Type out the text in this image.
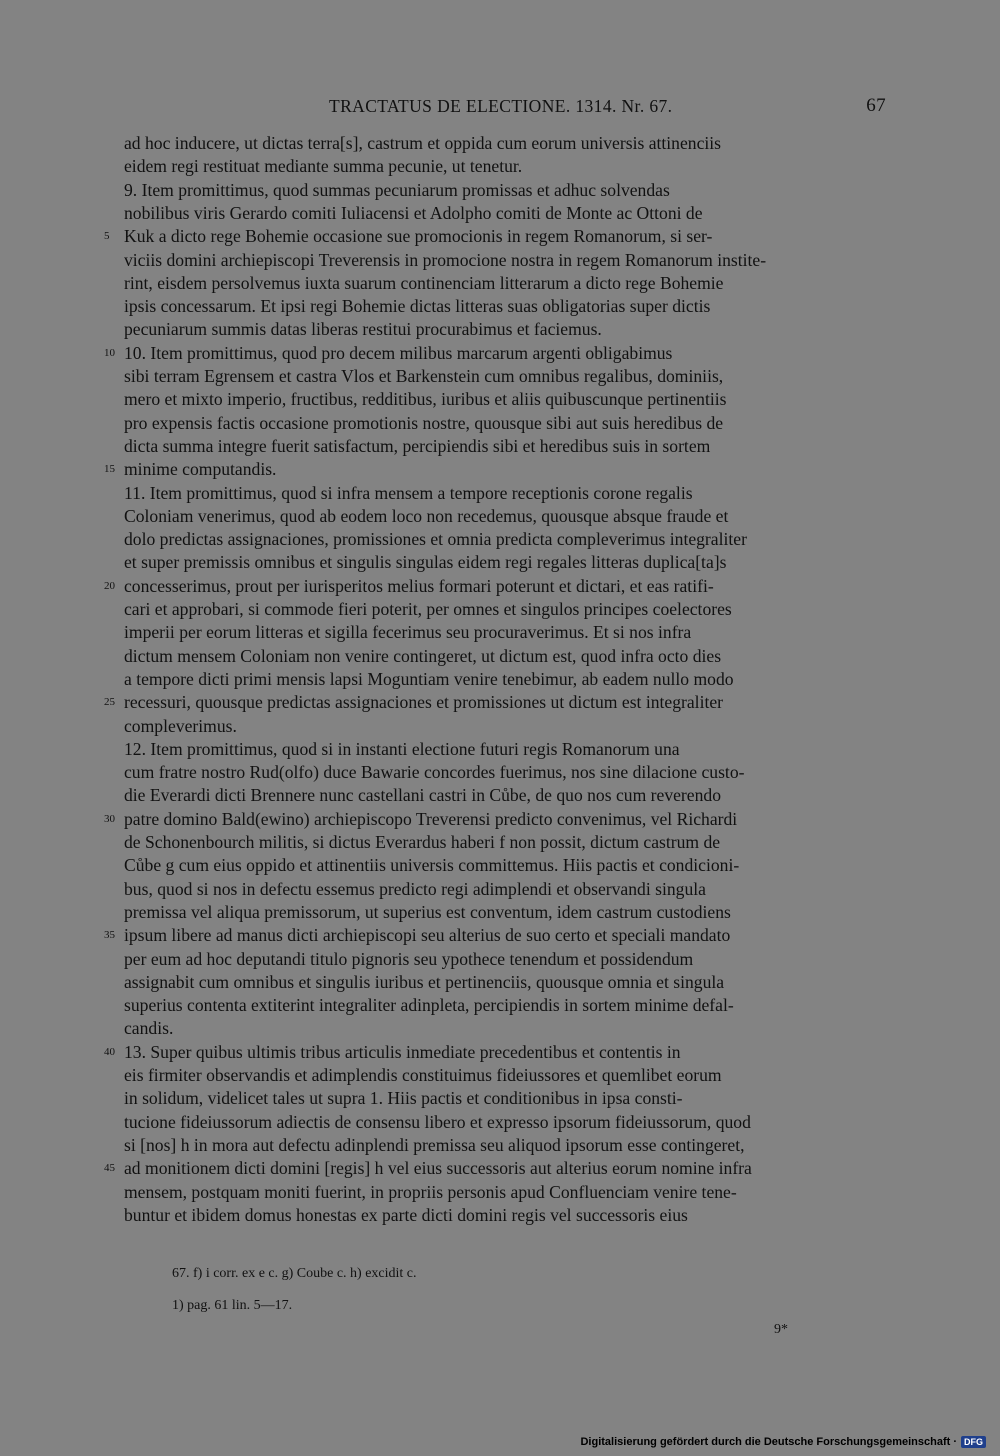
TRACTATUS DE ELECTIONE. 1314. Nr. 67.	67
ad hoc inducere, ut dictas terra[s], castrum et oppida cum eorum universis attinenciis
eidem regi restituat mediante summa pecunie, ut tenetur.
9. Item promittimus, quod summas pecuniarum promissas et adhuc solvendas
nobilibus viris Gerardo comiti Iuliacensi et Adolpho comiti de Monte ac Ottoni de
Kuk a dicto rege Bohemie occasione sue promocionis in regem Romanorum, si ser-
viciis domini archiepiscopi Treverensis in promocione nostra in regem Romanorum institе-
rint, eisdem persolvemus iuxta suarum continenciam litterarum a dicto rege Bohemie
ipsis concessarum. Et ipsi regi Bohemie dictas litteras suas obligatorias super dictis
pecuniarum summis datas liberas restitui procurabimus et faciemus.
10. Item promittimus, quod pro decem milibus marcarum argenti obligabimus
sibi terram Egrensem et castra Vlos et Barkenstein cum omnibus regalibus, dominiis,
mero et mixto imperio, fructibus, redditibus, iuribus et aliis quibuscunque pertinentiis
pro expensis factis occasione promotionis nostre, quousque sibi aut suis heredibus de
dicta summa integre fuerit satisfactum, percipiendis sibi et heredibus suis in sortem
minime computandis.
11. Item promittimus, quod si infra mensem a tempore receptionis corone regalis
Coloniam venerimus, quod ab eodem loco non recedemus, quousque absque fraude et
dolo predictas assignaciones, promissiones et omnia predicta compleverimus integraliter
et super premissis omnibus et singulis singulas eidem regi regales litteras duplica[ta]s
concesserimus, prout per iurisperitos melius formari poterunt et dictari, et eas ratifi-
cari et approbari, si commode fieri poterit, per omnes et singulos principes coelectores
imperii per eorum litteras et sigilla fecerimus seu procuraverimus. Et si nos infra
dictum mensem Coloniam non venire contingeret, ut dictum est, quod infra octo dies
a tempore dicti primi mensis lapsi Moguntiam venire tenebimur, ab eadem nullo modo
recessuri, quousque predictas assignaciones et promissiones ut dictum est integraliter
compleverimus.
12. Item promittimus, quod si in instanti electione futuri regis Romanorum una
cum fratre nostro Rud(olfo) duce Bawarie concordes fuerimus, nos sine dilacione custo-
die Everardi dicti Brennere nunc castellani castri in Cůbe, de quo nos cum reverendo
patre domino Bald(ewino) archiepiscopo Treverensi predicto convenimus, vel Richardi
de Schonenbourch militis, si dictus Everardus haberi f non possit, dictum castrum de
Cůbe g cum eius oppido et attinentiis universis committemus. Hiis pactis et condicioni-
bus, quod si nos in defectu essemus predicto regi adimplendi et observandi singula
premissa vel aliqua premissorum, ut superius est conventum, idem castrum custodiens
ipsum libere ad manus dicti archiepiscopi seu alterius de suo certo et speciali mandato
per eum ad hoc deputandi titulo pignoris seu ypothece tenendum et possidendum
assignabit cum omnibus et singulis iuribus et pertinenciis, quousque omnia et singula
superius contenta extiterint integraliter adinpleta, percipiendis in sortem minime defal-
candis.
13. Super quibus ultimis tribus articulis inmediate precedentibus et contentis in
eis firmiter observandis et adimplendis constituimus fideiussores et quemlibet eorum
in solidum, videlicet tales ut supra 1. Hiis pactis et conditionibus in ipsa consti-
tucione fideiussorum adiectis de consensu libero et expresso ipsorum fideiussorum, quod
si [nos] h in mora aut defectu adinplendi premissa seu aliquod ipsorum esse contingeret,
ad monitionem dicti domini [regis] h vel eius successoris aut alterius eorum nomine infra
mensem, postquam moniti fuerint, in propriis personis apud Confluenciam venire tene-
buntur et ibidem domus honestas ex parte dicti domini regis vel successoris eius
5
10
15
20
25
30
35
40
45
67. f) i corr. ex e c. g) Coube c. h) excidit c.
1) pag. 61 lin. 5—17.
9*
Digitalisierung gefördert durch die Deutsche Forschungsgemeinschaft · DFG
